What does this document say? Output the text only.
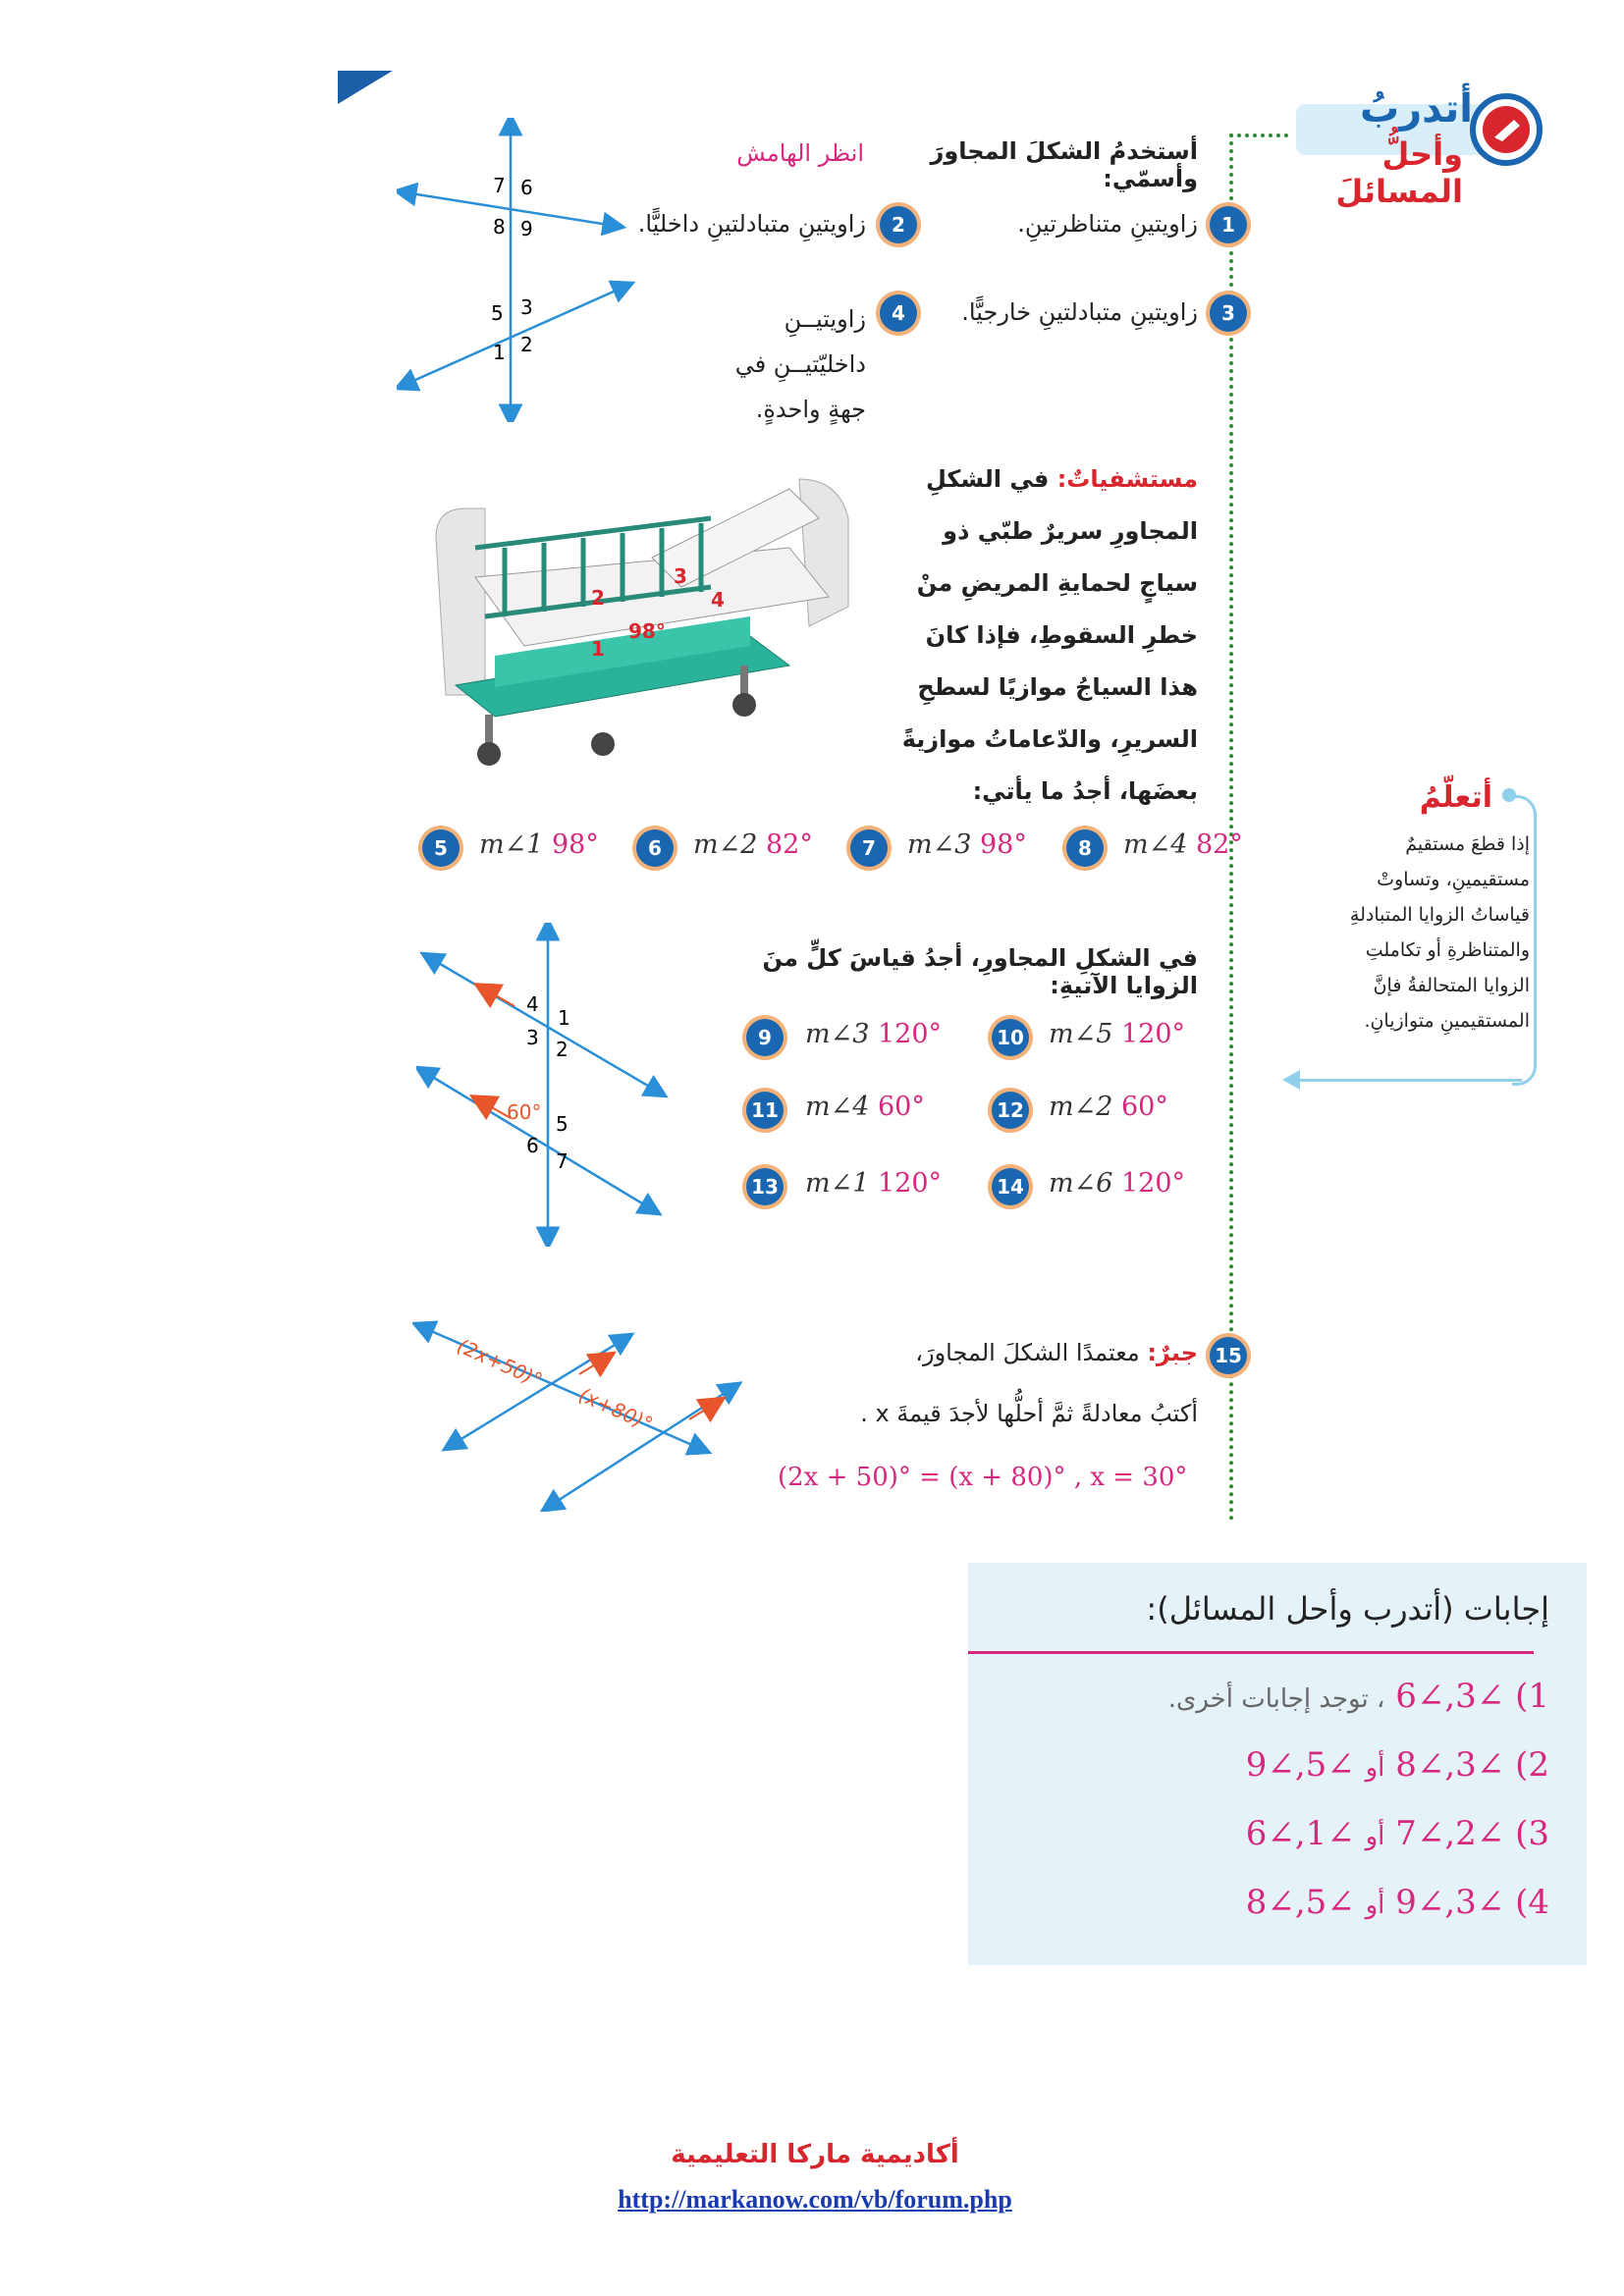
أتدربُ
وأحلُّ المسائلَ
أستخدمُ الشكلَ المجاورَ وأسمّي:
انظر الهامش
1
زاويتينِ متناظرتينِ.
2
زاويتينِ متبادلتينِ داخليًّا.
3
زاويتينِ متبادلتينِ خارجيًّا.
4
زاويتيــنِ داخليّتيــنِ في جهةٍ واحدةٍ.
7 6
8 9
5 3
1 2
مستشفياتٌ: في الشكلِ المجاورِ سريرٌ طبّي ذو سياجٍ لحمايةِ المريضِ منْ خطرِ السقوطِ، فإذا كانَ هذا السياجُ موازيًا لسطحِ السريرِ، والدّعاماتُ موازيةً بعضَها، أجدُ ما يأتي:
1
2
3
4
98°
5	m∠1 98°	6	m∠2 82°	7	m∠3 98°	8	m∠4 82°
في الشكلِ المجاورِ، أجدُ قياسَ كلٍّ منَ الزوايا الآتيةِ:
4
1
3 2
60° 5
6
7
9	m∠3 120°	10 m∠5 120°
11 m∠4 60°	12 m∠2 60°
13 m∠1 120°	14 m∠6 120°
15
جبرٌ: معتمدًا الشكلَ المجاورَ،
أكتبُ معادلةً ثمَّ أحلُّها لأجدَ قيمةَ x .
(2x + 50)° = (x + 80)° , x = 30°
(2x+50)°
(x+80)°
أتعلّمُ
إذا قطعَ مستقيمٌ
مستقيمينِ، وتساوتْ
قياساتُ الزوايا المتبادلةِ
والمتناظرةِ أو تكاملتِ
الزوايا المتحالفةُ فإنَّ
المستقيمينِ متوازيانِ.
إجابات (أتدرب وأحل المسائل):
1) ∠3,∠6 ، توجد إجابات أخرى.
2) ∠3,∠8 أو ∠5,∠9
3) ∠2,∠7 أو ∠1,∠6
4) ∠3,∠9 أو ∠5,∠8
أكاديمية ماركا التعليمية
http://markanow.com/vb/forum.php
